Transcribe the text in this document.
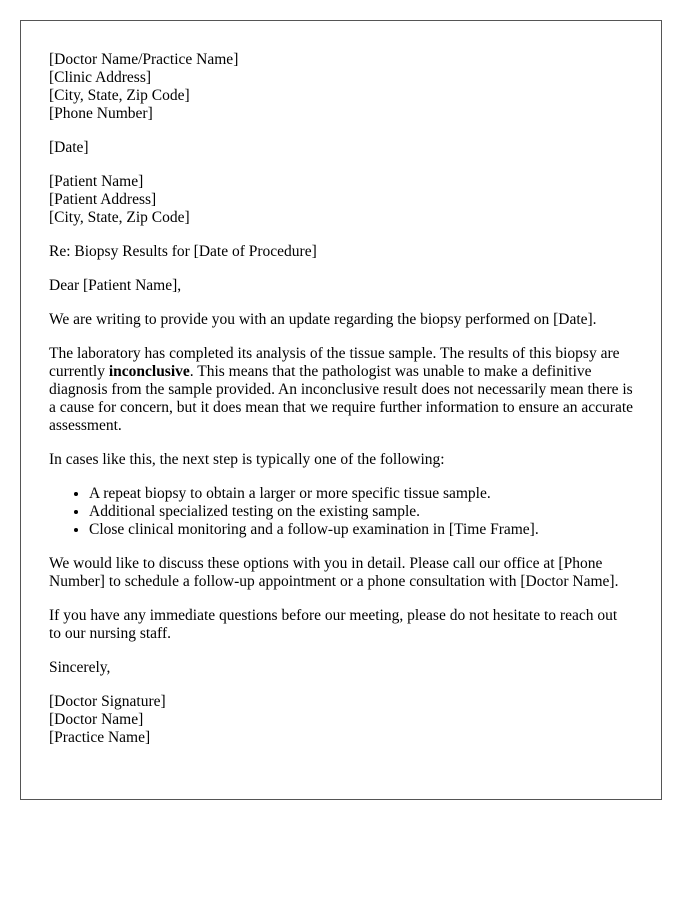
[Doctor Name/Practice Name]
[Clinic Address]
[City, State, Zip Code]
[Phone Number]
[Date]
[Patient Name]
[Patient Address]
[City, State, Zip Code]

Re: Biopsy Results for [Date of Procedure]

Dear [Patient Name],

We are writing to provide you with an update regarding the biopsy performed on [Date].

The laboratory has completed its analysis of the tissue sample. The results of this biopsy are currently inconclusive. This means that the pathologist was unable to make a definitive diagnosis from the sample provided. An inconclusive result does not necessarily mean there is a cause for concern, but it does mean that we require further information to ensure an accurate assessment.

In cases like this, the next step is typically one of the following:

• A repeat biopsy to obtain a larger or more specific tissue sample.
• Additional specialized testing on the existing sample.
• Close clinical monitoring and a follow-up examination in [Time Frame].

We would like to discuss these options with you in detail. Please call our office at [Phone Number] to schedule a follow-up appointment or a phone consultation with [Doctor Name].

If you have any immediate questions before our meeting, please do not hesitate to reach out to our nursing staff.

Sincerely,

[Doctor Signature]
[Doctor Name]
[Practice Name]
